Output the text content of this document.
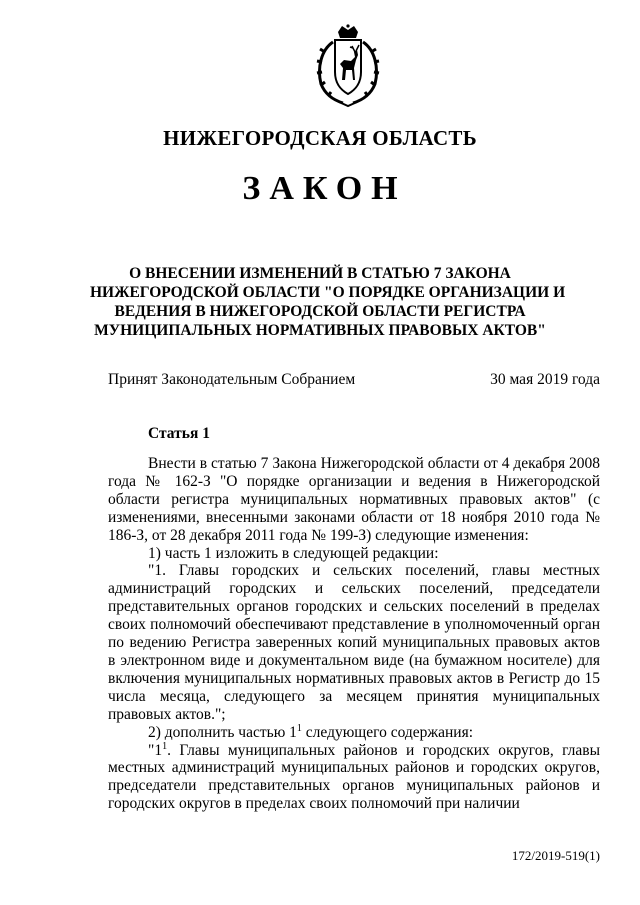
НИЖЕГОРОДСКАЯ ОБЛАСТЬ
ЗАКОН
О ВНЕСЕНИИ ИЗМЕНЕНИЙ В СТАТЬЮ 7 ЗАКОНА
НИЖЕГОРОДСКОЙ ОБЛАСТИ "О ПОРЯДКЕ ОРГАНИЗАЦИИ И
ВЕДЕНИЯ В НИЖЕГОРОДСКОЙ ОБЛАСТИ РЕГИСТРА
МУНИЦИПАЛЬНЫХ НОРМАТИВНЫХ ПРАВОВЫХ АКТОВ"
Принят Законодательным Собранием	30 мая 2019 года
Статья 1

Внести в статью 7 Закона Нижегородской области от 4 декабря 2008 года № 162-З "О порядке организации и ведения в Нижегородской области регистра муниципальных нормативных правовых актов" (с изменениями, внесенными законами области от 18 ноября 2010 года № 186-З, от 28 декабря 2011 года № 199-З) следующие изменения:

1) часть 1 изложить в следующей редакции:

"1. Главы городских и сельских поселений, главы местных администраций городских и сельских поселений, председатели представительных органов городских и сельских поселений в пределах своих полномочий обеспечивают представление в уполномоченный орган по ведению Регистра заверенных копий муниципальных правовых актов в электронном виде и документальном виде (на бумажном носителе) для включения муниципальных нормативных правовых актов в Регистр до 15 числа месяца, следующего за месяцем принятия муниципальных правовых актов.";

2) дополнить частью $1^1$ следующего содержания:

"$1^1$. Главы муниципальных районов и городских округов, главы местных администраций муниципальных районов и городских округов, председатели представительных органов муниципальных районов и городских округов в пределах своих полномочий при наличии

172/2019-519(1)
